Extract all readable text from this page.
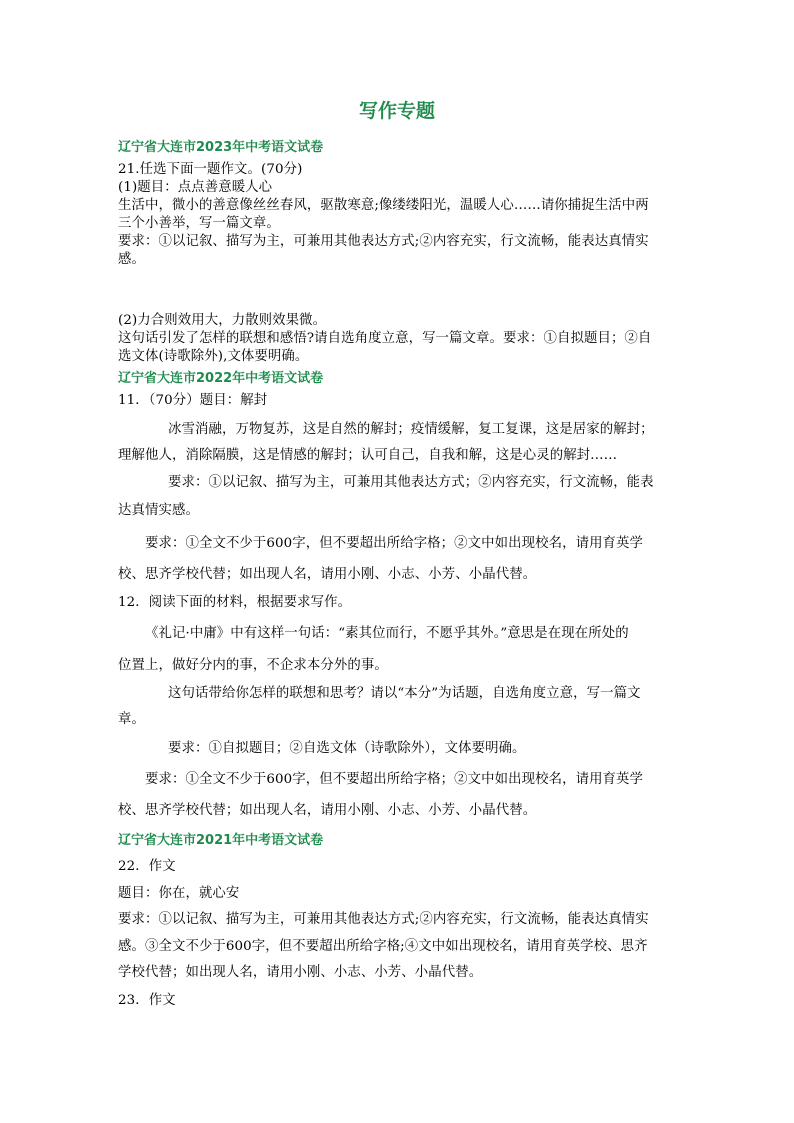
写作专题
辽宁省大连市2023年中考语文试卷
21.任选下面一题作文。(70分)
(1)题目：点点善意暖人心
生活中，微小的善意像丝丝春风，驱散寒意;像缕缕阳光，温暖人心……请你捕捉生活中两
三个小善举，写一篇文章。
要求：①以记叙、描写为主，可兼用其他表达方式;②内容充实，行文流畅，能表达真情实
感。
(2)力合则效用大，力散则效果微。
这句话引发了怎样的联想和感悟?请自选角度立意，写一篇文章。要求：①自拟题目；②自
选文体(诗歌除外),文体要明确。
辽宁省大连市2022年中考语文试卷
11．（70分）题目：解封
冰雪消融，万物复苏，这是自然的解封；疫情缓解，复工复课，这是居家的解封；
理解他人，消除隔膜，这是情感的解封；认可自己，自我和解，这是心灵的解封……
要求：①以记叙、描写为主，可兼用其他表达方式；②内容充实，行文流畅，能表
达真情实感。
要求：①全文不少于600字，但不要超出所给字格；②文中如出现校名，请用育英学
校、思齐学校代替；如出现人名，请用小刚、小志、小芳、小晶代替。
12．阅读下面的材料，根据要求写作。
《礼记·中庸》中有这样一句话：“素其位而行，不愿乎其外。”意思是在现在所处的
位置上，做好分内的事，不企求本分外的事。
这句话带给你怎样的联想和思考？请以“本分”为话题，自选角度立意，写一篇文
章。
要求：①自拟题目；②自选文体（诗歌除外），文体要明确。
要求：①全文不少于600字，但不要超出所给字格；②文中如出现校名，请用育英学
校、思齐学校代替；如出现人名，请用小刚、小志、小芳、小晶代替。
辽宁省大连市2021年中考语文试卷
22．作文
题目：你在，就心安
要求：①以记叙、描写为主，可兼用其他表达方式;②内容充实，行文流畅，能表达真情实
感。③全文不少于600字，但不要超出所给字格;④文中如出现校名，请用育英学校、思齐
学校代替；如出现人名，请用小刚、小志、小芳、小晶代替。
23．作文
